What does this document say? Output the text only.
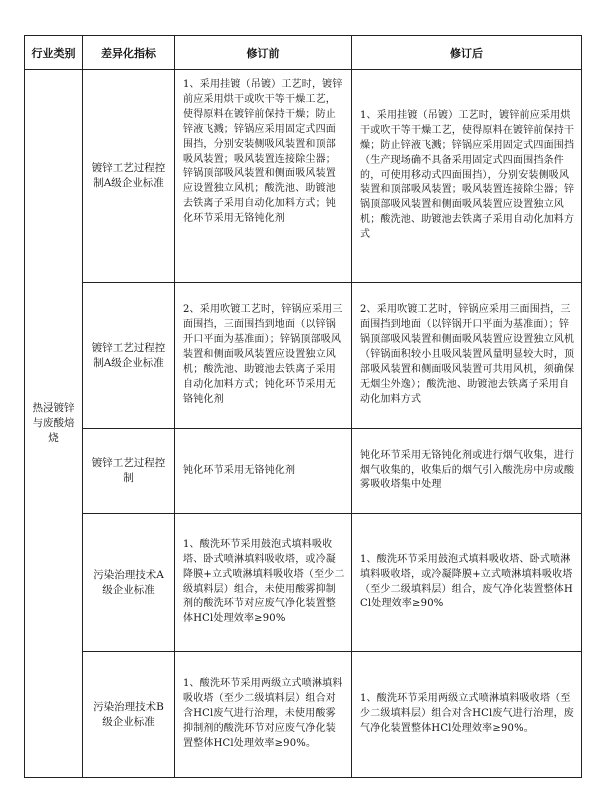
行业类别	差异化指标	修订前	修订后
热浸镀锌与废酸焙烧	镀锌工艺过程控制A级企业标准	1、采用挂镀（吊镀）工艺时，镀锌前应采用烘干或吹干等干燥工艺，使得原料在镀锌前保持干燥；防止锌液飞溅；锌锅应采用固定式四面围挡，分别安装侧吸风装置和顶部吸风装置；吸风装置连接除尘器；锌锅顶部吸风装置和侧面吸风装置应设置独立风机；酸洗池、助镀池去铁离子采用自动化加料方式；钝化环节采用无铬钝化剂	1、采用挂镀（吊镀）工艺时，镀锌前应采用烘干或吹干等干燥工艺，使得原料在镀锌前保持干燥；防止锌液飞溅；锌锅应采用固定式四面围挡（生产现场确不具备采用固定式四面围挡条件的，可使用移动式四面围挡），分别安装侧吸风装置和顶部吸风装置；吸风装置连接除尘器；锌锅顶部吸风装置和侧面吸风装置应设置独立风机；酸洗池、助镀池去铁离子采用自动化加料方式
	镀锌工艺过程控制A级企业标准	2、采用吹镀工艺时，锌锅应采用三面围挡，三面围挡到地面（以锌锅开口平面为基准面）；锌锅顶部吸风装置和侧面吸风装置应设置独立风机；酸洗池、助镀池去铁离子采用自动化加料方式；钝化环节采用无铬钝化剂	2、采用吹镀工艺时，锌锅应采用三面围挡，三面围挡到地面（以锌锅开口平面为基准面）；锌锅顶部吸风装置和侧面吸风装置应设置独立风机（锌锅面积较小且吸风装置风量明显较大时，顶部吸风装置和侧面吸风装置可共用风机，须确保无烟尘外逸）；酸洗池、助镀池去铁离子采用自动化加料方式
	镀锌工艺过程控制	钝化环节采用无铬钝化剂	钝化环节采用无铬钝化剂或进行烟气收集，进行烟气收集的，收集后的烟气引入酸洗房中房或酸雾吸收塔集中处理
	污染治理技术A级企业标准	1、酸洗环节采用鼓泡式填料吸收塔、卧式喷淋填料吸收塔，或冷凝降膜+立式喷淋填料吸收塔（至少二级填料层）组合，未使用酸雾抑制剂的酸洗环节对应废气净化装置整体HCl处理效率≥90%	1、酸洗环节采用鼓泡式填料吸收塔、卧式喷淋填料吸收塔，或冷凝降膜+立式喷淋填料吸收塔（至少二级填料层）组合，废气净化装置整体HCl处理效率≥90%
	污染治理技术B级企业标准	1、酸洗环节采用两级立式喷淋填料吸收塔（至少二级填料层）组合对含HCl废气进行治理，未使用酸雾抑制剂的酸洗环节对应废气净化装置整体HCl处理效率≥90%。	1、酸洗环节采用两级立式喷淋填料吸收塔（至少二级填料层）组合对含HCl废气进行治理，废气净化装置整体HCl处理效率≥90%。
